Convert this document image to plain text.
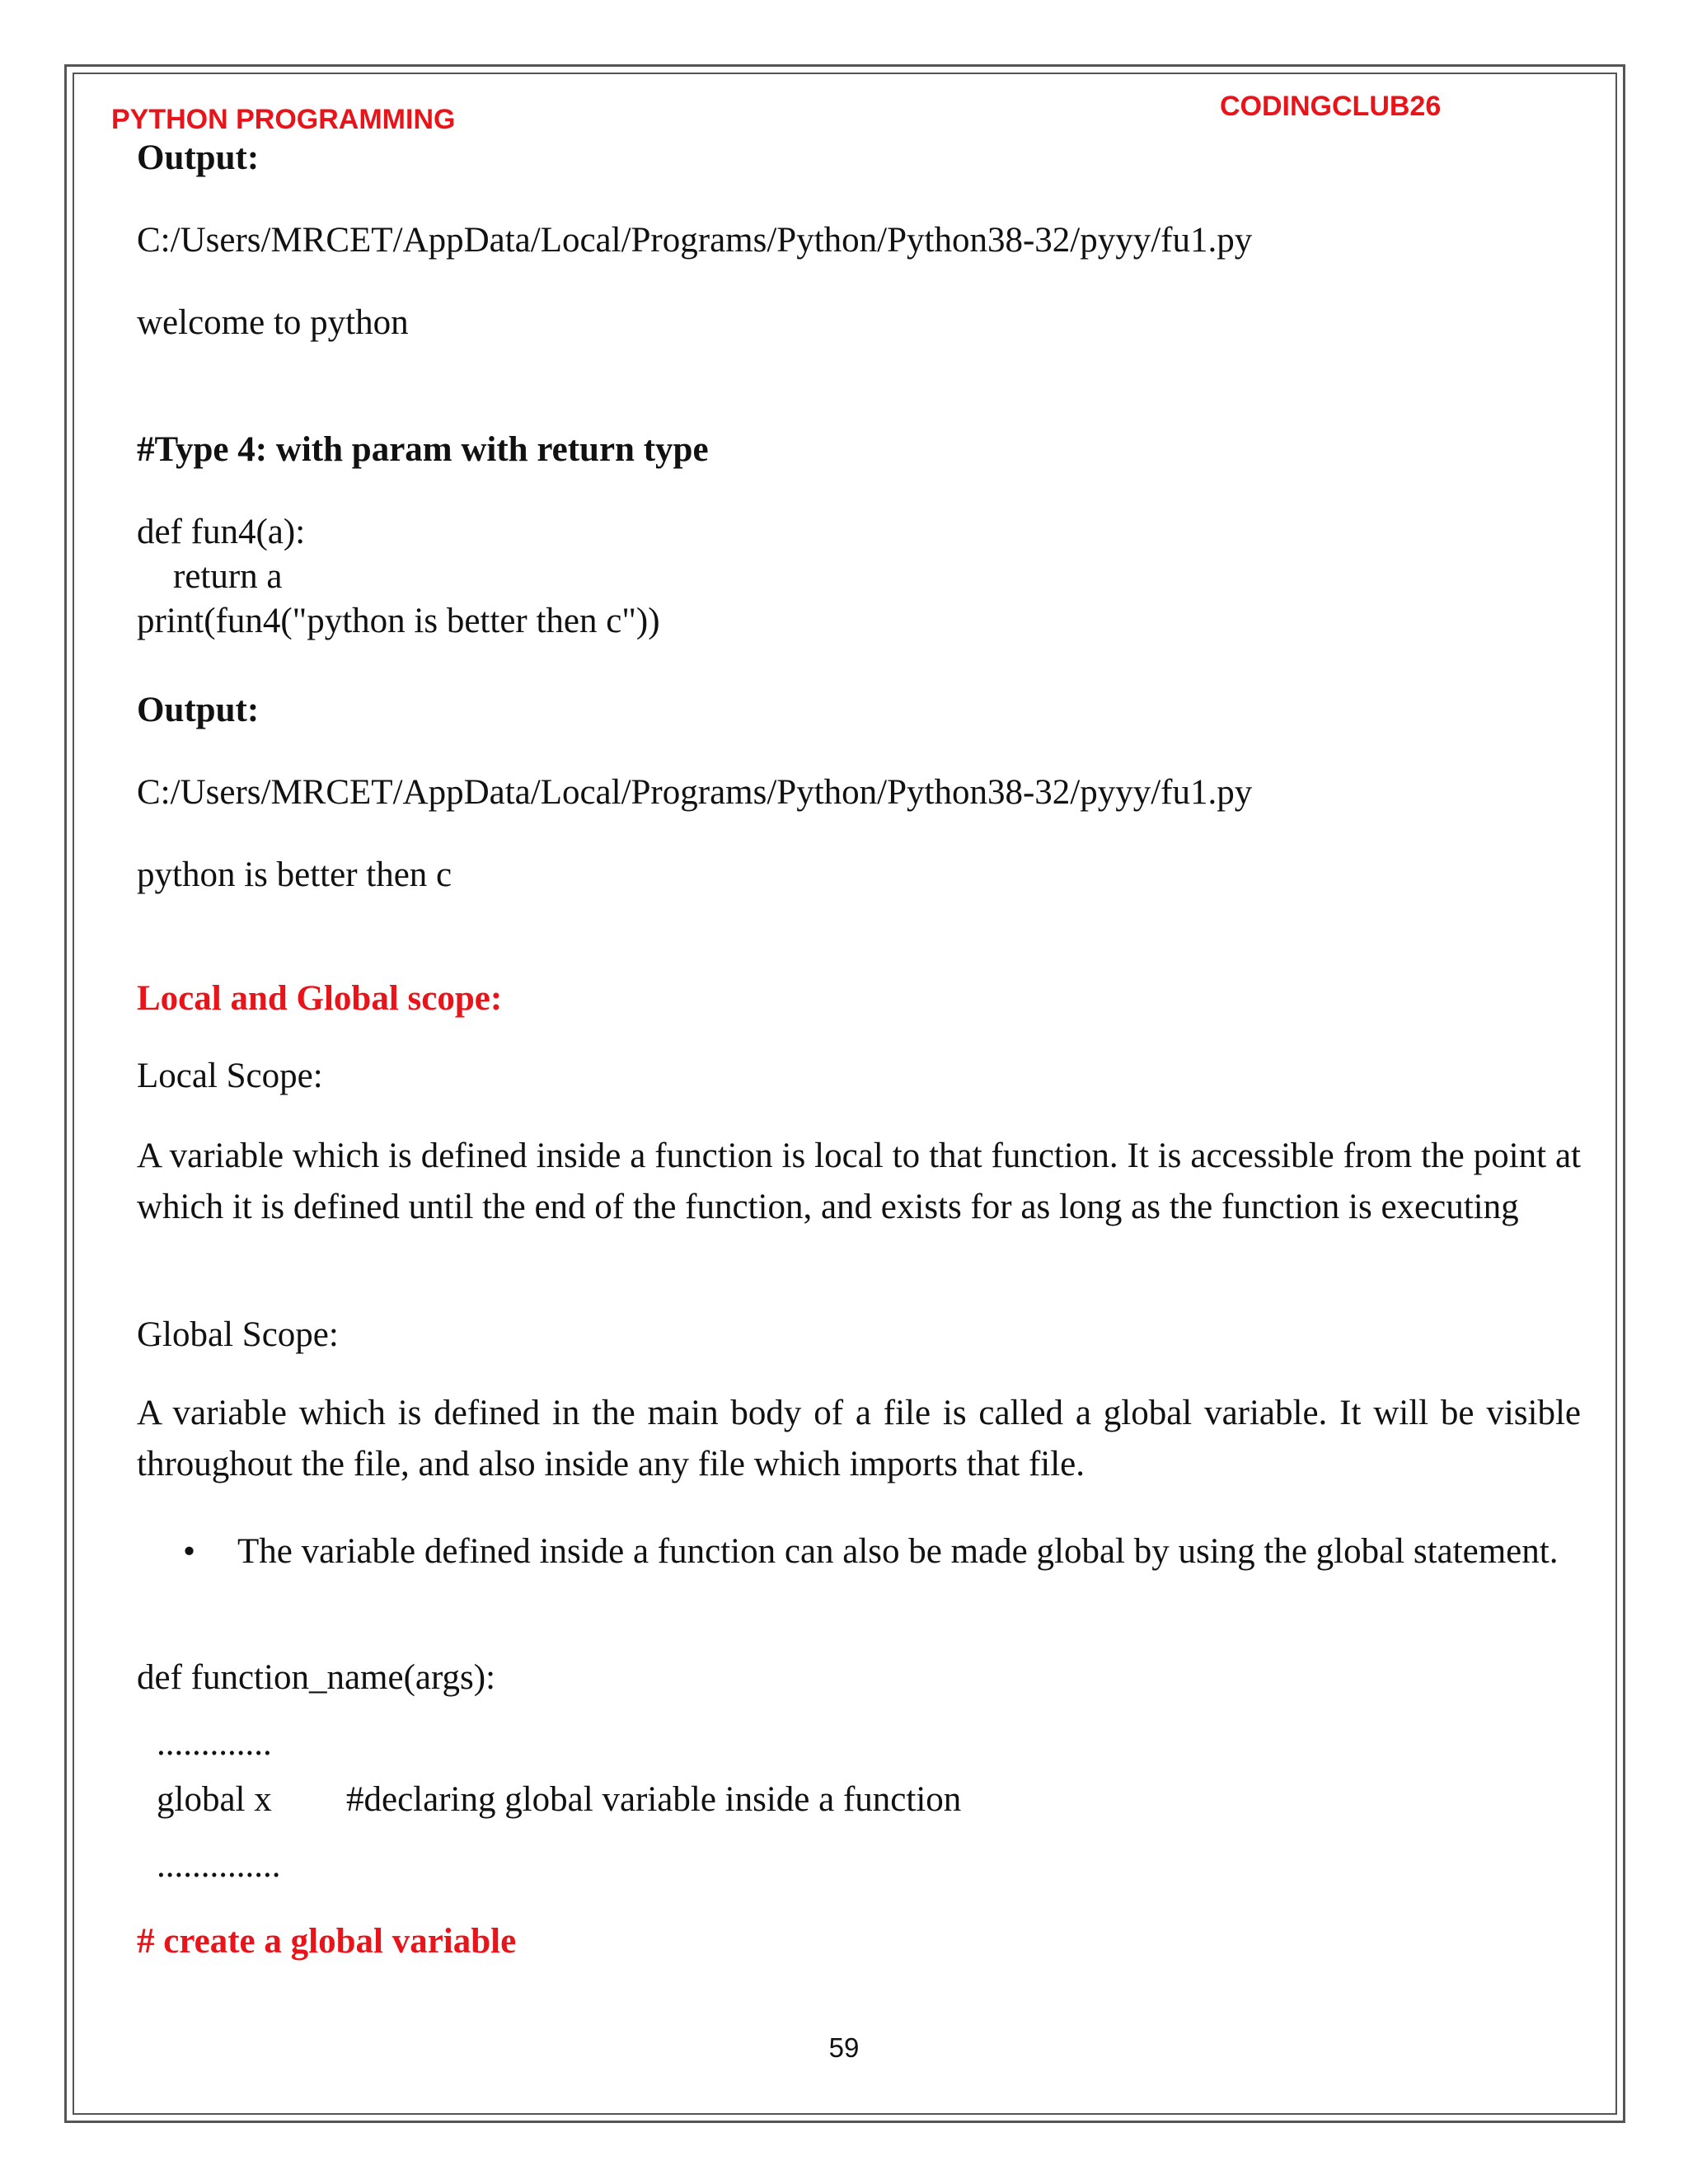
PYTHON PROGRAMMING	CODINGCLUB26
Output:
C:/Users/MRCET/AppData/Local/Programs/Python/Python38-32/pyyy/fu1.py
welcome to python
#Type 4: with param with return type
def fun4(a):
return a
print(fun4("python is better then c"))
Output:
C:/Users/MRCET/AppData/Local/Programs/Python/Python38-32/pyyy/fu1.py
python is better then c
Local and Global scope:
Local Scope:
A variable which is defined inside a function is local to that function. It is accessible from the point at which it is defined until the end of the function, and exists for as long as the function is executing
Global Scope:
A variable which is defined in the main body of a file is called a global variable. It will be visible throughout the file, and also inside any file which imports that file.
• The variable defined inside a function can also be made global by using the global statement.
def function_name(args):
.............
global x #declaring global variable inside a function
..............
# create a global variable
59
